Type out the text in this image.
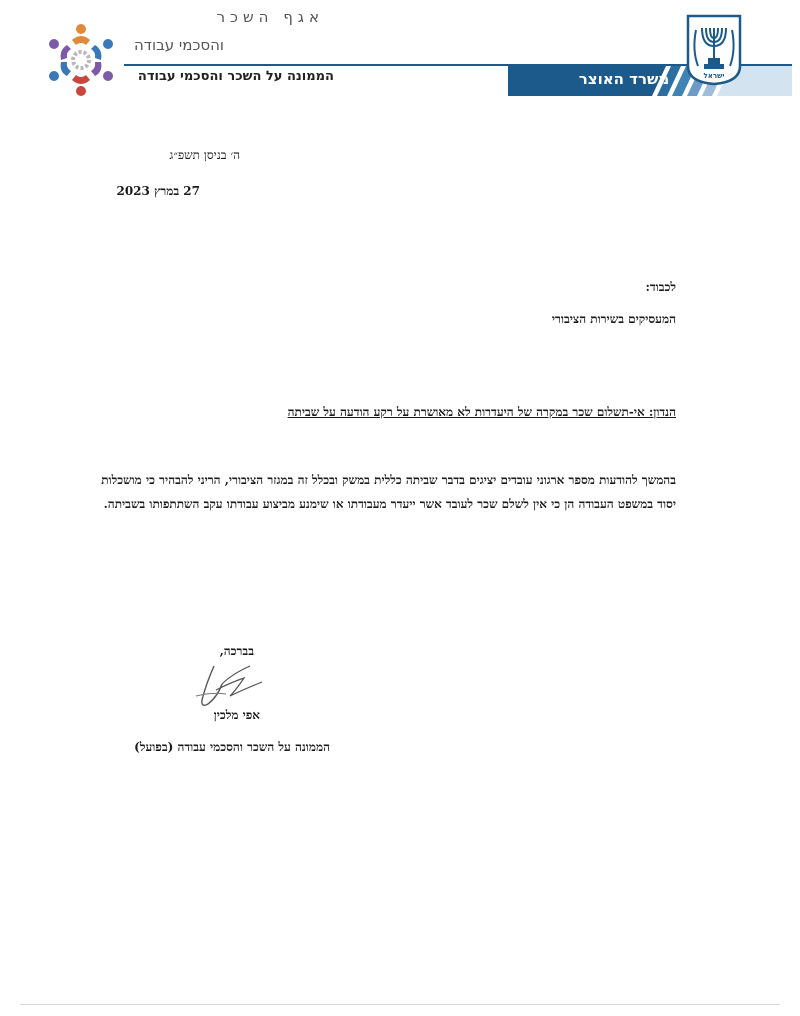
אגף השכר
והסכמי עבודה
הממונה על השכר והסכמי עבודה	משרד האוצר	ישראל
ה׳ בניסן תשפ״ג
27 במרץ 2023
לכבוד:
המעסיקים בשירות הציבורי
הנדון: אי-תשלום שכר במקרה של היעדרות לא מאושרת על רקע הודעה על שביתה
בהמשך להודעות מספר ארגוני עובדים יציגים בדבר שביתה כללית במשק ובכלל זה במגזר הציבורי, הריני להבהיר כי מושכלות יסוד במשפט העבודה הן כי אין לשלם שכר לעובד אשר ייעדר מעבודתו או שימנע מביצוע עבודתו עקב השתתפותו בשביתה.
בברכה,
אפי מלכין
הממונה על השכר והסכמי עבודה (בפועל)
